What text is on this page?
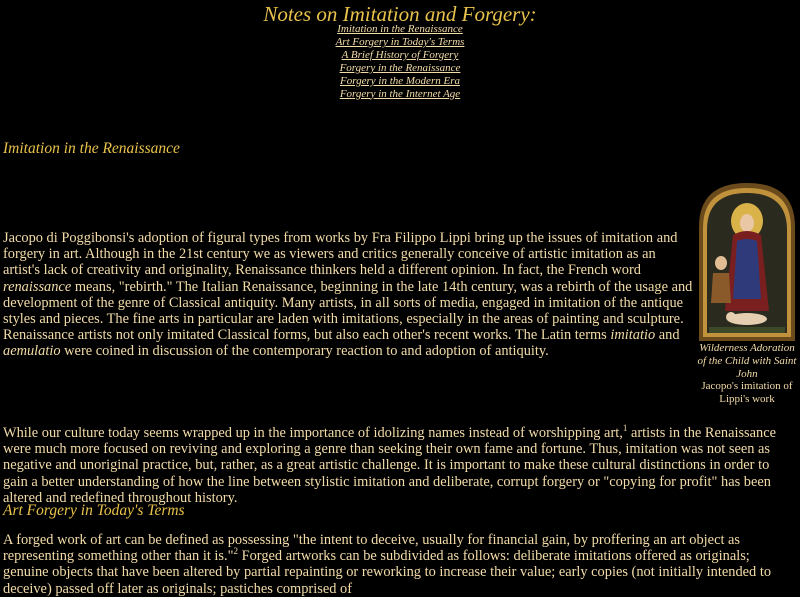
Notes on Imitation and Forgery:
Imitation in the Renaissance
Art Forgery in Today's Terms
A Brief History of Forgery
Forgery in the Renaissance
Forgery in the Modern Era
Forgery in the Internet Age
Imitation in the Renaissance
Wilderness Adoration of the Child with Saint John
Jacopo's imitation of Lippi's work

Jacopo di Poggibonsi's adoption of figural types from works by Fra Filippo Lippi bring up the issues of imitation and forgery in art. Although in the 21st century we as viewers and critics generally conceive of artistic imitation as an artist's lack of creativity and originality, Renaissance thinkers held a different opinion. In fact, the French word renaissance means, "rebirth." The Italian Renaissance, beginning in the late 14th century, was a rebirth of the usage and development of the genre of Classical antiquity. Many artists, in all sorts of media, engaged in imitation of the antique styles and pieces. The fine arts in particular are laden with imitations, especially in the areas of painting and sculpture. Renaissance artists not only imitated Classical forms, but also each other's recent works. The Latin terms imitatio and aemulatio were coined in discussion of the contemporary reaction to and adoption of antiquity.

While our culture today seems wrapped up in the importance of idolizing names instead of worshipping art,$^1$ artists in the Renaissance were much more focused on reviving and exploring a genre than seeking their own fame and fortune. Thus, imitation was not seen as negative and unoriginal practice, but, rather, as a great artistic challenge. It is important to make these cultural distinctions in order to gain a better understanding of how the line between stylistic imitation and deliberate, corrupt forgery or "copying for profit" has been altered and redefined throughout history.

Art Forgery in Today's Terms

A forged work of art can be defined as possessing "the intent to deceive, usually for financial gain, by proffering an art object as representing something other than it is."$^2$ Forged artworks can be subdivided as follows: deliberate imitations offered as originals; genuine objects that have been altered by partial repainting or reworking to increase their value; early copies (not initially intended to deceive) passed off later as originals; pastiches comprised of
